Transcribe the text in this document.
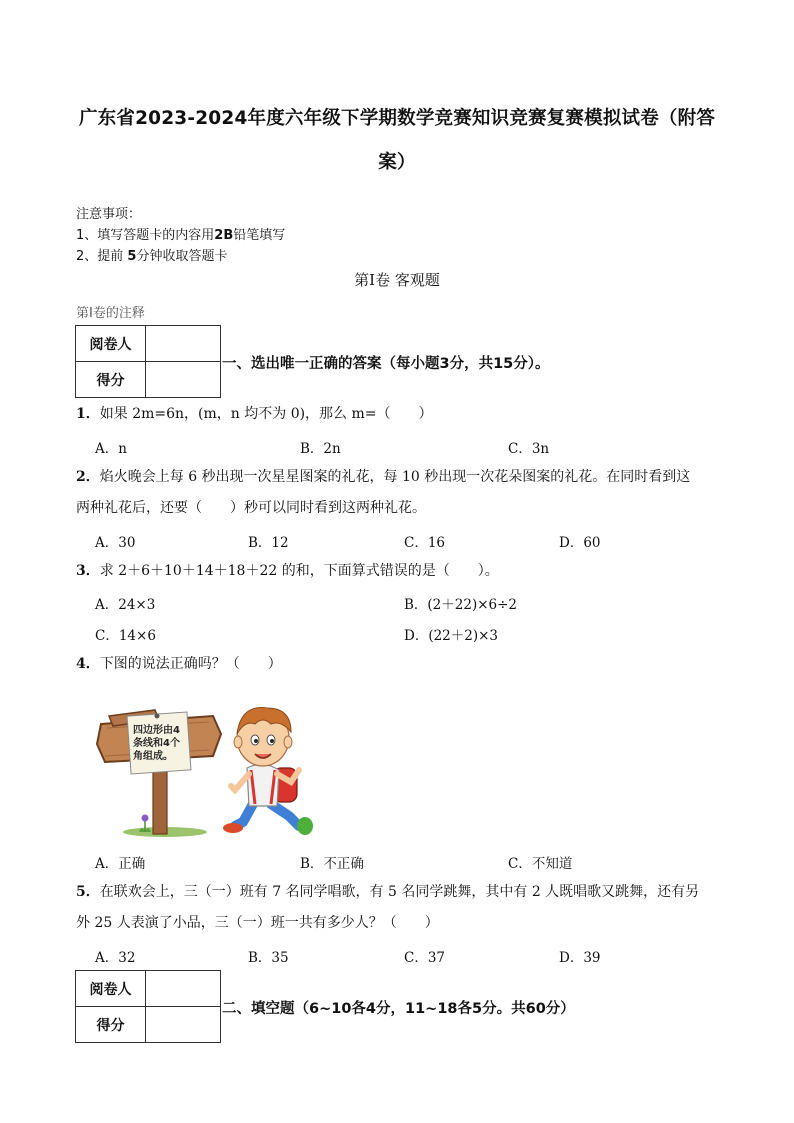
广东省2023-2024年度六年级下学期数学竞赛知识竞赛复赛模拟试卷（附答
案）
注意事项：
1、填写答题卡的内容用2B铅笔填写
2、提前 5分钟收取答题卡
第Ⅰ卷 客观题
第Ⅰ卷的注释
阅卷人	
得分	
一、选出唯一正确的答案（每小题3分，共15分）。
1．如果 2m=6n，(m，n 均不为 0)，那么 m=（　　）
A．n	B．2n	C．3n
2．焰火晚会上每 6 秒出现一次星星图案的礼花，每 10 秒出现一次花朵图案的礼花。在同时看到这
两种礼花后，还要（　　）秒可以同时看到这两种礼花。
A．30	B．12	C．16	D．60
3．求 2＋6＋10＋14＋18＋22 的和，下面算式错误的是（　　）。
A．24×3	B．(2＋22)×6÷2
C．14×6	D．(22＋2)×3
4．下图的说法正确吗？（　　）
四边形由4
条线和4个
角组成。
A．正确	B．不正确	C．不知道
5．在联欢会上，三（一）班有 7 名同学唱歌，有 5 名同学跳舞，其中有 2 人既唱歌又跳舞，还有另
外 25 人表演了小品，三（一）班一共有多少人？（　　）
A．32	B．35	C．37	D．39
阅卷人	
得分	
二、填空题（6~10各4分，11~18各5分。共60分）
